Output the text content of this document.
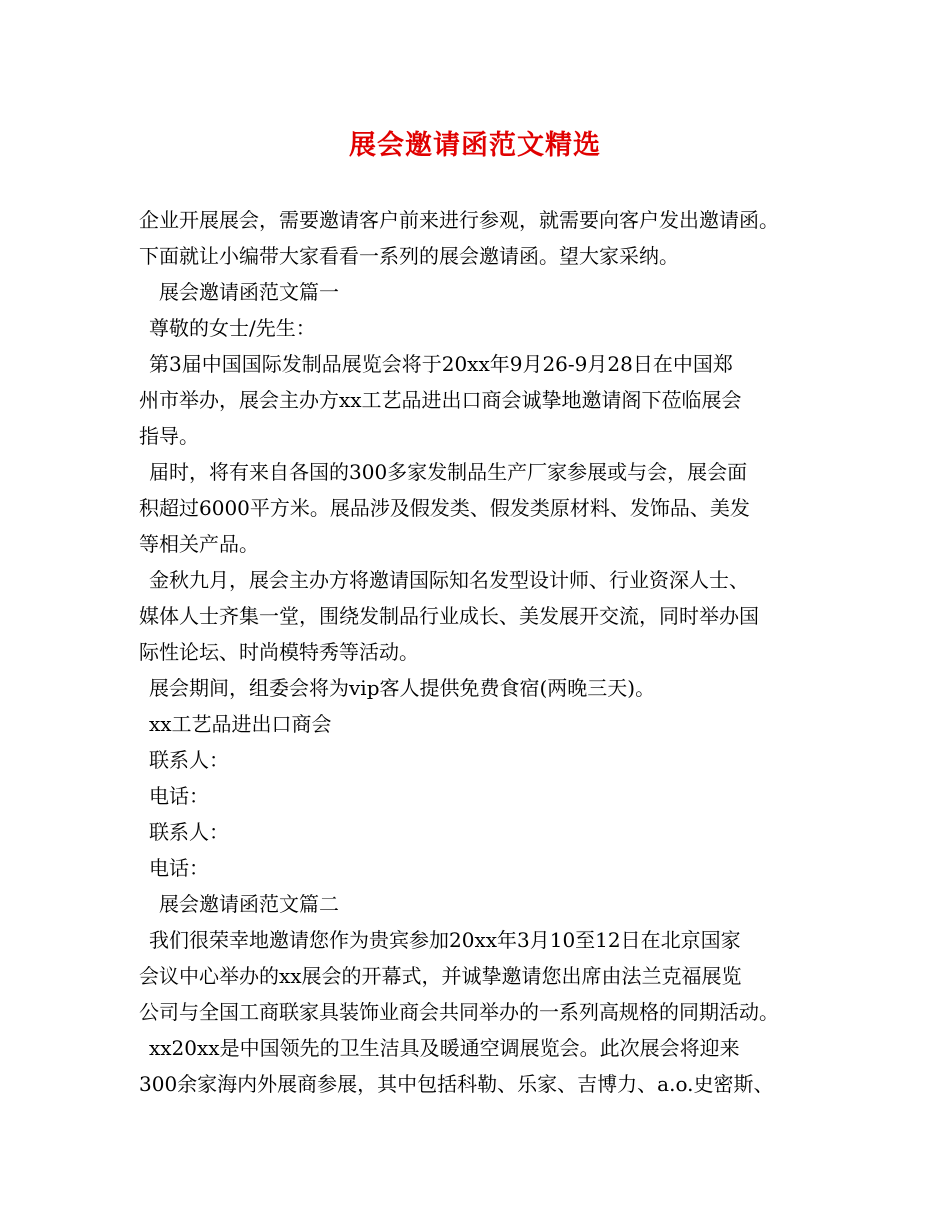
展会邀请函范文精选
企业开展展会，需要邀请客户前来进行参观，就需要向客户发出邀请函。
下面就让小编带大家看看一系列的展会邀请函。望大家采纳。
展会邀请函范文篇一
尊敬的女士/先生：
第3届中国国际发制品展览会将于20xx年9月26-9月28日在中国郑
州市举办，展会主办方xx工艺品进出口商会诚挚地邀请阁下莅临展会
指导。
届时，将有来自各国的300多家发制品生产厂家参展或与会，展会面
积超过6000平方米。展品涉及假发类、假发类原材料、发饰品、美发
等相关产品。
金秋九月，展会主办方将邀请国际知名发型设计师、行业资深人士、
媒体人士齐集一堂，围绕发制品行业成长、美发展开交流，同时举办国
际性论坛、时尚模特秀等活动。
展会期间，组委会将为vip客人提供免费食宿(两晚三天)。
xx工艺品进出口商会
联系人：
电话：
联系人：
电话：
展会邀请函范文篇二
我们很荣幸地邀请您作为贵宾参加20xx年3月10至12日在北京国家
会议中心举办的xx展会的开幕式，并诚挚邀请您出席由法兰克福展览
公司与全国工商联家具装饰业商会共同举办的一系列高规格的同期活动。
xx20xx是中国领先的卫生洁具及暖通空调展览会。此次展会将迎来
300余家海内外展商参展，其中包括科勒、乐家、吉博力、a.o.史密斯、
